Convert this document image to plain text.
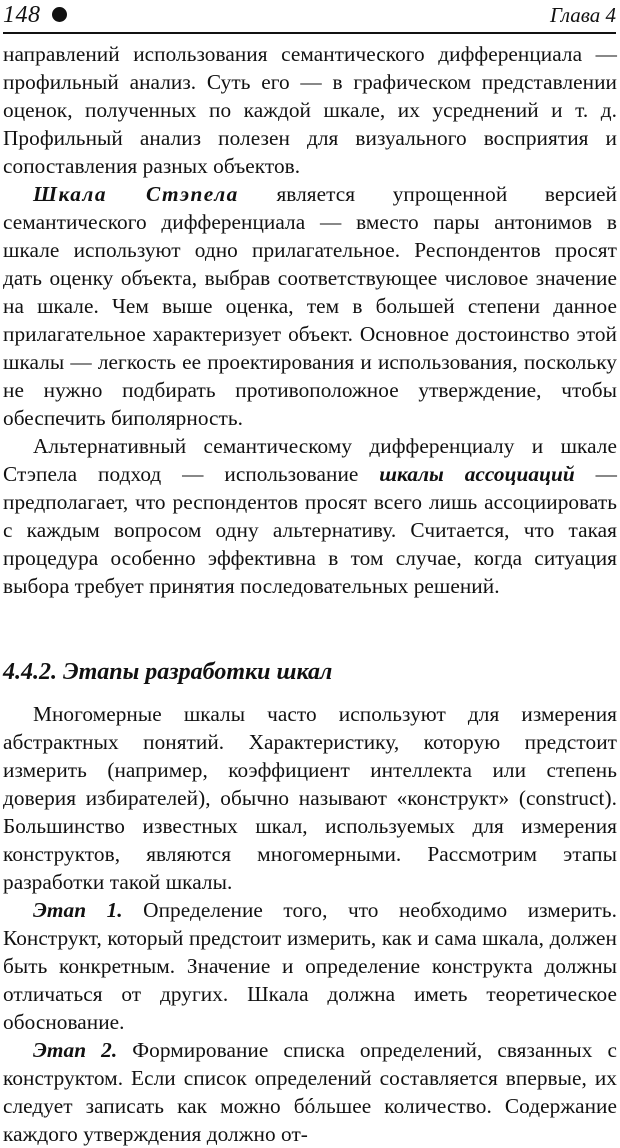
148	Глава 4

направлений использования семантического дифференциала — профильный анализ. Суть его — в графическом представлении оценок, полученных по каждой шкале, их усреднений и т. д. Профильный анализ полезен для визуального восприятия и сопоставления разных объектов.

Шкала Стэпела является упрощенной версией семантического дифференциала — вместо пары антонимов в шкале используют одно прилагательное. Респондентов просят дать оценку объекта, выбрав соответствующее числовое значение на шкале. Чем выше оценка, тем в большей степени данное прилагательное характеризует объект. Основное достоинство этой шкалы — легкость ее проектирования и использования, поскольку не нужно подбирать противоположное утверждение, чтобы обеспечить биполярность.

Альтернативный семантическому дифференциалу и шкале Стэпела подход — использование шкалы ассоциаций — предполагает, что респондентов просят всего лишь ассоциировать с каждым вопросом одну альтернативу. Считается, что такая процедура особенно эффективна в том случае, когда ситуация выбора требует принятия последовательных решений.

4.4.2. Этапы разработки шкал

Многомерные шкалы часто используют для измерения абстрактных понятий. Характеристику, которую предстоит измерить (например, коэффициент интеллекта или степень доверия избирателей), обычно называют «конструкт» (construct). Большинство известных шкал, используемых для измерения конструктов, являются многомерными. Рассмотрим этапы разработки такой шкалы.

Этап 1. Определение того, что необходимо измерить. Конструкт, который предстоит измерить, как и сама шкала, должен быть конкретным. Значение и определение конструкта должны отличаться от других. Шкала должна иметь теоретическое обоснование.

Этап 2. Формирование списка определений, связанных с конструктом. Если список определений составляется впервые, их следует записать как можно бóльшее количество. Содержание каждого утверждения должно от-
